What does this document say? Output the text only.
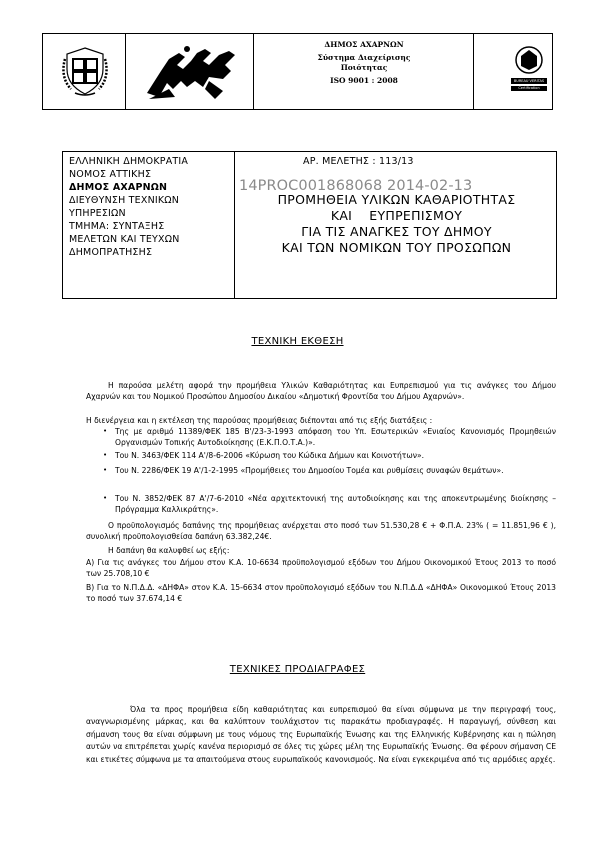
ΔΗΜΟΣ ΑΧΑΡΝΩΝ
Σύστημα Διαχείρισης
Ποιότητας
ISO 9001 : 2008	BUREAU VERITAS
Certification
ΕΛΛΗΝΙΚΗ ΔΗΜΟΚΡΑΤΙΑ
ΝΟΜΟΣ ΑΤΤΙΚΗΣ
ΔΗΜΟΣ ΑΧΑΡΝΩΝ
ΔΙΕΥΘΥΝΣΗ ΤΕΧΝΙΚΩΝ
ΥΠΗΡΕΣΙΩΝ
ΤΜΗΜΑ: ΣΥΝΤΑΞΗΣ
ΜΕΛΕΤΩΝ ΚΑΙ ΤΕΥΧΩΝ
ΔΗΜΟΠΡΑΤΗΣΗΣ
ΑΡ. ΜΕΛΕΤΗΣ : 113/13
14PROC001868068 2014-02-13
ΠΡΟΜΗΘΕΙΑ ΥΛΙΚΩΝ ΚΑΘΑΡΙΟΤΗΤΑΣ
ΚΑΙ    ΕΥΠΡΕΠΙΣΜΟΥ
ΓΙΑ ΤΙΣ ΑΝΑΓΚΕΣ ΤΟΥ ΔΗΜΟΥ
ΚΑΙ ΤΩΝ ΝΟΜΙΚΩΝ ΤΟΥ ΠΡΟΣΩΠΩΝ
ΤΕΧΝΙΚΗ ΕΚΘΕΣΗ
Η παρούσα μελέτη αφορά την προμήθεια Υλικών Καθαριότητας και Ευπρεπισμού για τις ανάγκες του Δήμου Αχαρνών και του Νομικού Προσώπου Δημοσίου Δικαίου «Δημοτική Φροντίδα του Δήμου Αχαρνών».
Η διενέργεια και η εκτέλεση της παρούσας προμήθειας διέπονται από τις εξής διατάξεις :
• Της με αριθμό 11389/ΦΕΚ 185 Β'/23-3-1993 απόφαση του Υπ. Εσωτερικών «Ενιαίος Κανονισμός Προμηθειών Οργανισμών Τοπικής Αυτοδιοίκησης (Ε.Κ.Π.Ο.Τ.Α.)».
• Του Ν. 3463/ΦΕΚ 114 Α'/8-6-2006 «Κύρωση του Κώδικα Δήμων και Κοινοτήτων».
• Του Ν. 2286/ΦΕΚ 19 Α'/1-2-1995 «Προμήθειες του Δημοσίου Τομέα και ρυθμίσεις συναφών θεμάτων».
• Του Ν. 3852/ΦΕΚ 87 Α'/7-6-2010 «Νέα αρχιτεκτονική της αυτοδιοίκησης και της αποκεντρωμένης διοίκησης – Πρόγραμμα Καλλικράτης».
Ο προϋπολογισμός δαπάνης της προμήθειας ανέρχεται στο ποσό των 51.530,28 € + Φ.Π.Α. 23% ( = 11.851,96 € ), συνολική προϋπολογισθείσα δαπάνη 63.382,24€.
Η δαπάνη θα καλυφθεί ως εξής:
Α) Για τις ανάγκες του Δήμου στον Κ.Α. 10-6634 προϋπολογισμού εξόδων του Δήμου Οικονομικού Έτους 2013 το ποσό των 25.708,10 €
Β) Για το Ν.Π.Δ.Δ. «ΔΗΦΑ» στον Κ.Α. 15-6634 στον προϋπολογισμό εξόδων του Ν.Π.Δ.Δ «ΔΗΦΑ» Οικονομικού Έτους 2013 το ποσό των 37.674,14 €
ΤΕΧΝΙΚΕΣ ΠΡΟΔΙΑΓΡΑΦΕΣ
Όλα τα προς προμήθεια είδη καθαριότητας και ευπρεπισμού θα είναι σύμφωνα με την περιγραφή τους, αναγνωρισμένης μάρκας, και θα καλύπτουν τουλάχιστον τις παρακάτω προδιαγραφές. Η παραγωγή, σύνθεση και σήμανση τους θα είναι σύμφωνη με τους νόμους της Ευρωπαϊκής Ένωσης και της Ελληνικής Κυβέρνησης και η πώληση αυτών να επιτρέπεται χωρίς κανένα περιορισμό σε όλες τις χώρες μέλη της Ευρωπαϊκής Ένωσης. Θα φέρουν σήμανση CE και ετικέτες σύμφωνα με τα απαιτούμενα στους ευρωπαϊκούς κανονισμούς. Να είναι εγκεκριμένα από τις αρμόδιες αρχές.
